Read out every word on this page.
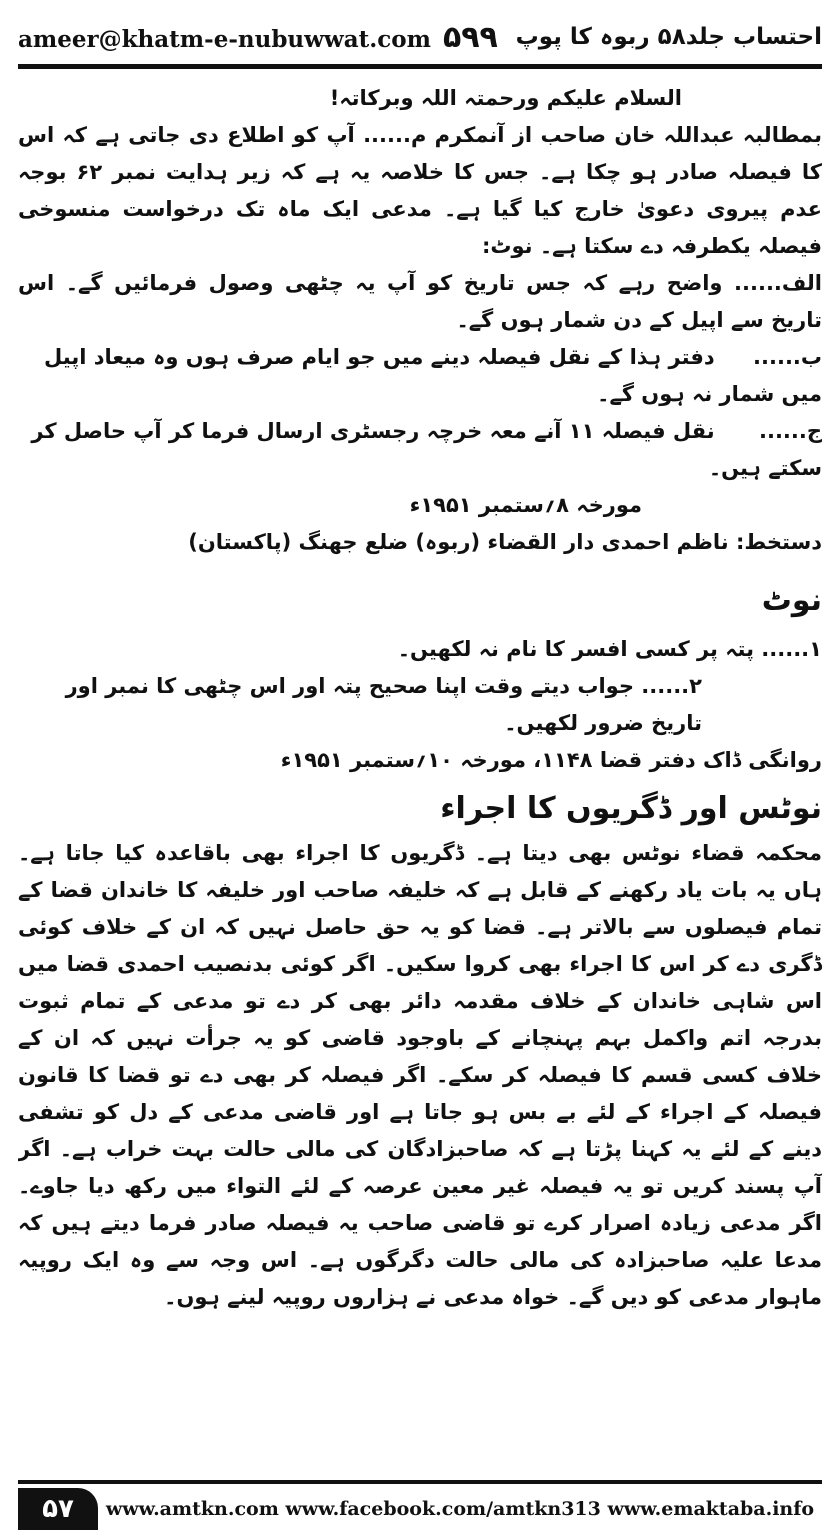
ameer@khatm-e-nubuwwat.com ۵۹۹ احتساب جلد۵۸ ربوہ کا پوپ

السلام علیکم ورحمتہ اللہ وبرکاتہ!

بمطالبہ عبداللہ خان صاحب از آنمکرم م...... آپ کو اطلاع دی جاتی ہے کہ اس کا فیصلہ صادر ہو چکا ہے۔ جس کا خلاصہ یہ ہے کہ زیر ہدایت نمبر ۶۲ بوجہ عدم پیروی دعویٰ خارج کیا گیا ہے۔ مدعی ایک ماہ تک درخواست منسوخی فیصلہ یکطرفہ دے سکتا ہے۔ نوٹ:

الف...... واضح رہے کہ جس تاریخ کو آپ یہ چٹھی وصول فرمائیں گے۔ اس تاریخ سے اپیل کے دن شمار ہوں گے۔

ب...... دفتر ہذا کے نقل فیصلہ دینے میں جو ایام صرف ہوں وہ میعاد اپیل میں شمار نہ ہوں گے۔

ج...... نقل فیصلہ ۱۱ آنے معہ خرچہ رجسٹری ارسال فرما کر آپ حاصل کر سکتے ہیں۔

مورخہ ۸؍ستمبر ۱۹۵۱ء

دستخط: ناظم احمدی دار القضاء (ربوہ) ضلع جھنگ (پاکستان)

نوٹ

۱...... پتہ پر کسی افسر کا نام نہ لکھیں۔

۲...... جواب دیتے وقت اپنا صحیح پتہ اور اس چٹھی کا نمبر اور تاریخ ضرور لکھیں۔

روانگی ڈاک دفتر قضا ۱۱۴۸، مورخہ ۱۰؍ستمبر ۱۹۵۱ء

نوٹس اور ڈگریوں کا اجراء

محکمہ قضاء نوٹس بھی دیتا ہے۔ ڈگریوں کا اجراء بھی باقاعدہ کیا جاتا ہے۔ ہاں یہ بات یاد رکھنے کے قابل ہے کہ خلیفہ صاحب اور خلیفہ کا خاندان قضا کے تمام فیصلوں سے بالاتر ہے۔ قضا کو یہ حق حاصل نہیں کہ ان کے خلاف کوئی ڈگری دے کر اس کا اجراء بھی کروا سکیں۔ اگر کوئی بدنصیب احمدی قضا میں اس شاہی خاندان کے خلاف مقدمہ دائر بھی کر دے تو مدعی کے تمام ثبوت بدرجہ اتم واکمل بہم پہنچانے کے باوجود قاضی کو یہ جرأت نہیں کہ ان کے خلاف کسی قسم کا فیصلہ کر سکے۔ اگر فیصلہ کر بھی دے تو قضا کا قانون فیصلہ کے اجراء کے لئے بے بس ہو جاتا ہے اور قاضی مدعی کے دل کو تشفی دینے کے لئے یہ کہنا پڑتا ہے کہ صاحبزادگان کی مالی حالت بہت خراب ہے۔ اگر آپ پسند کریں تو یہ فیصلہ غیر معین عرصہ کے لئے التواء میں رکھ دیا جاوے۔ اگر مدعی زیادہ اصرار کرے تو قاضی صاحب یہ فیصلہ صادر فرما دیتے ہیں کہ مدعا علیہ صاحبزادہ کی مالی حالت دگرگوں ہے۔ اس وجہ سے وہ ایک روپیہ ماہوار مدعی کو دیں گے۔ خواہ مدعی نے ہزاروں روپیہ لینے ہوں۔

۵۷	www.amtkn.com www.facebook.com/amtkn313 www.emaktaba.info
